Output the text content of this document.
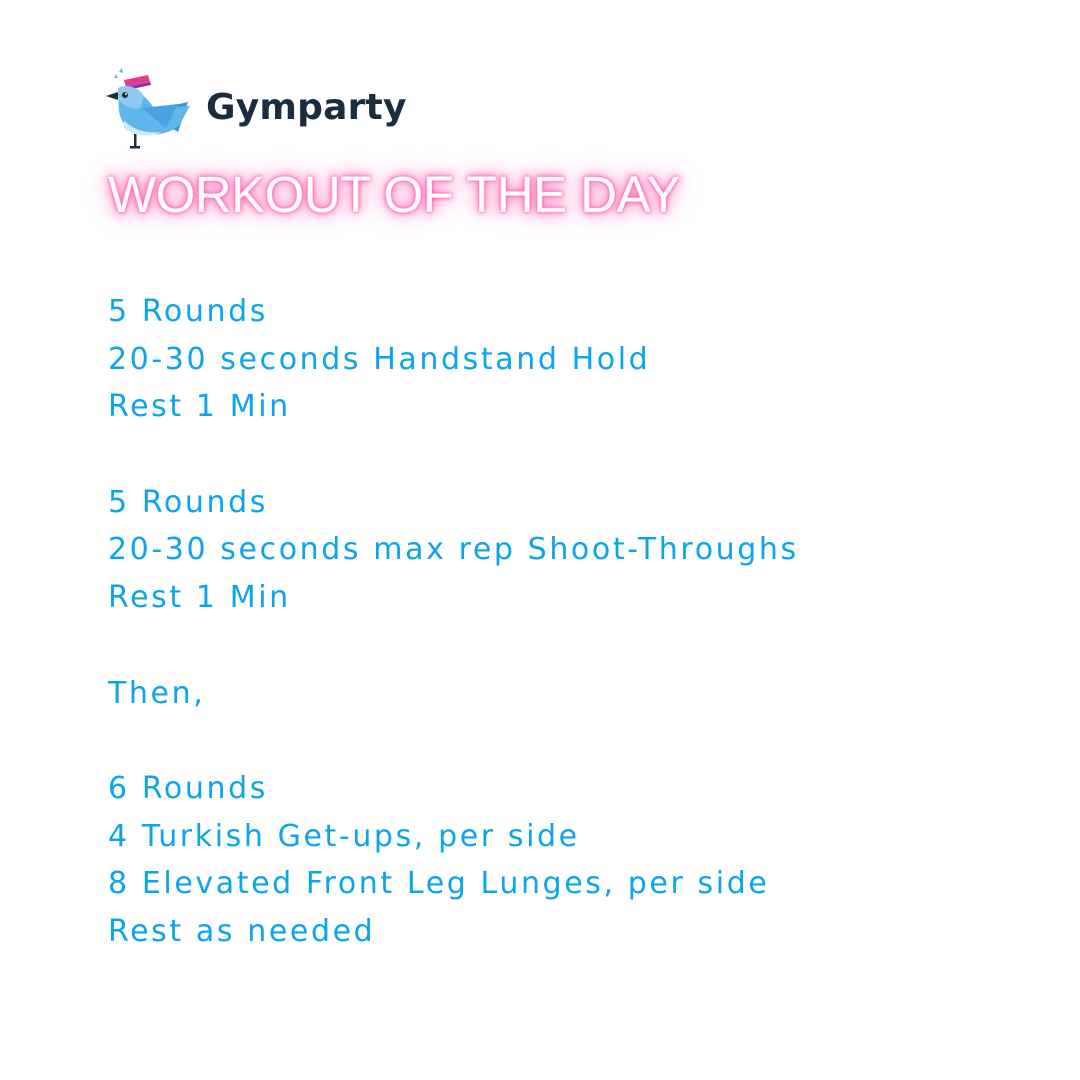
Gymparty
WORKOUT OF THE DAY
5 Rounds
20-30 seconds Handstand Hold
Rest 1 Min
5 Rounds
20-30 seconds max rep Shoot-Throughs
Rest 1 Min
Then,
6 Rounds
4 Turkish Get-ups, per side
8 Elevated Front Leg Lunges, per side
Rest as needed
